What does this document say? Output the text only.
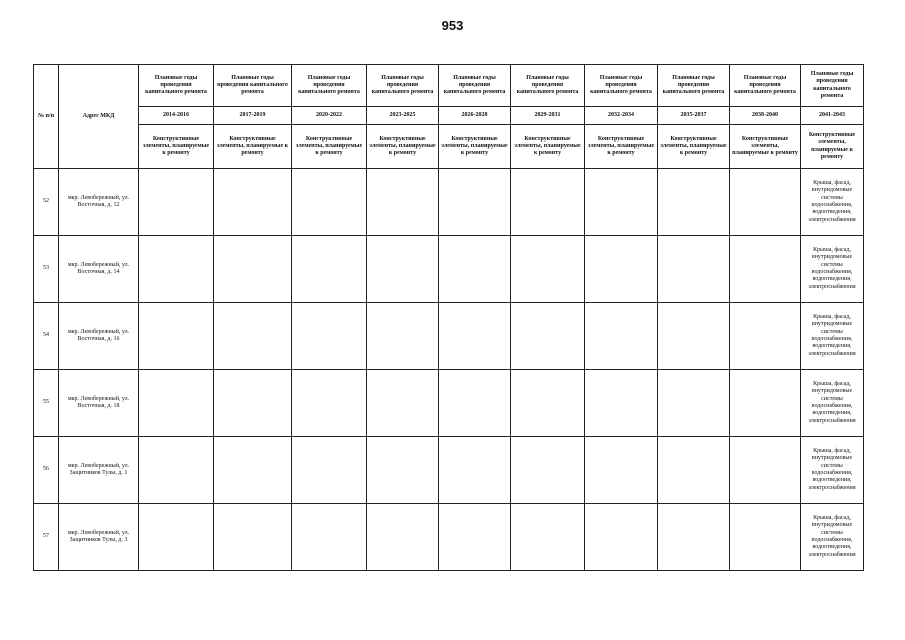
953
№ п/п	Адрес МКД	Плановые годы проведения капитального ремонта	Плановые годы проведения капитального ремонта	Плановые годы проведения капитального ремонта	Плановые годы проведения капитального ремонта	Плановые годы проведения капитального ремонта	Плановые годы проведения капитального ремонта	Плановые годы проведения капитального ремонта	Плановые годы проведения капитального ремонта	Плановые годы проведения капитального ремонта	Плановые годы проведения капитального ремонта
		2014-2016	2017-2019	2020-2022	2023-2025	2026-2028	2029-2031	2032-2034	2035-2037	2038-2040	2041-2043
		Конструктивные элементы, планируемые к ремонту	Конструктивные элементы, планируемые к ремонту	Конструктивные элементы, планируемые к ремонту	Конструктивные элементы, планируемые к ремонту	Конструктивные элементы, планируемые к ремонту	Конструктивные элементы, планируемые к ремонту	Конструктивные элементы, планируемые к ремонту	Конструктивные элементы, планируемые к ремонту	Конструктивные элементы, планируемые к ремонту	Конструктивные элементы, планируемые к ремонту
52	мкр. Левобережный, ул. Восточная, д. 12										Крыша, фасад, внутридомовые системы водоснабжения, водоотведения, электроснабжения
53	мкр. Левобережный, ул. Восточная, д. 14										Крыша, фасад, внутридомовые системы водоснабжения, водоотведения, электроснабжения
54	мкр. Левобережный, ул. Восточная, д. 16										Крыша, фасад, внутридомовые системы водоснабжения, водоотведения, электроснабжения
55	мкр. Левобережный, ул. Восточная, д. 18										Крыша, фасад, внутридомовые системы водоснабжения, водоотведения, электроснабжения
56	мкр. Левобережный, ул. Защитников Тулы, д. 1										Крыша, фасад, внутридомовые системы водоснабжения, водоотведения, электроснабжения
57	мкр. Левобережный, ул. Защитников Тулы, д. 3										Крыша, фасад, внутридомовые системы водоснабжения, водоотведения, электроснабжения
